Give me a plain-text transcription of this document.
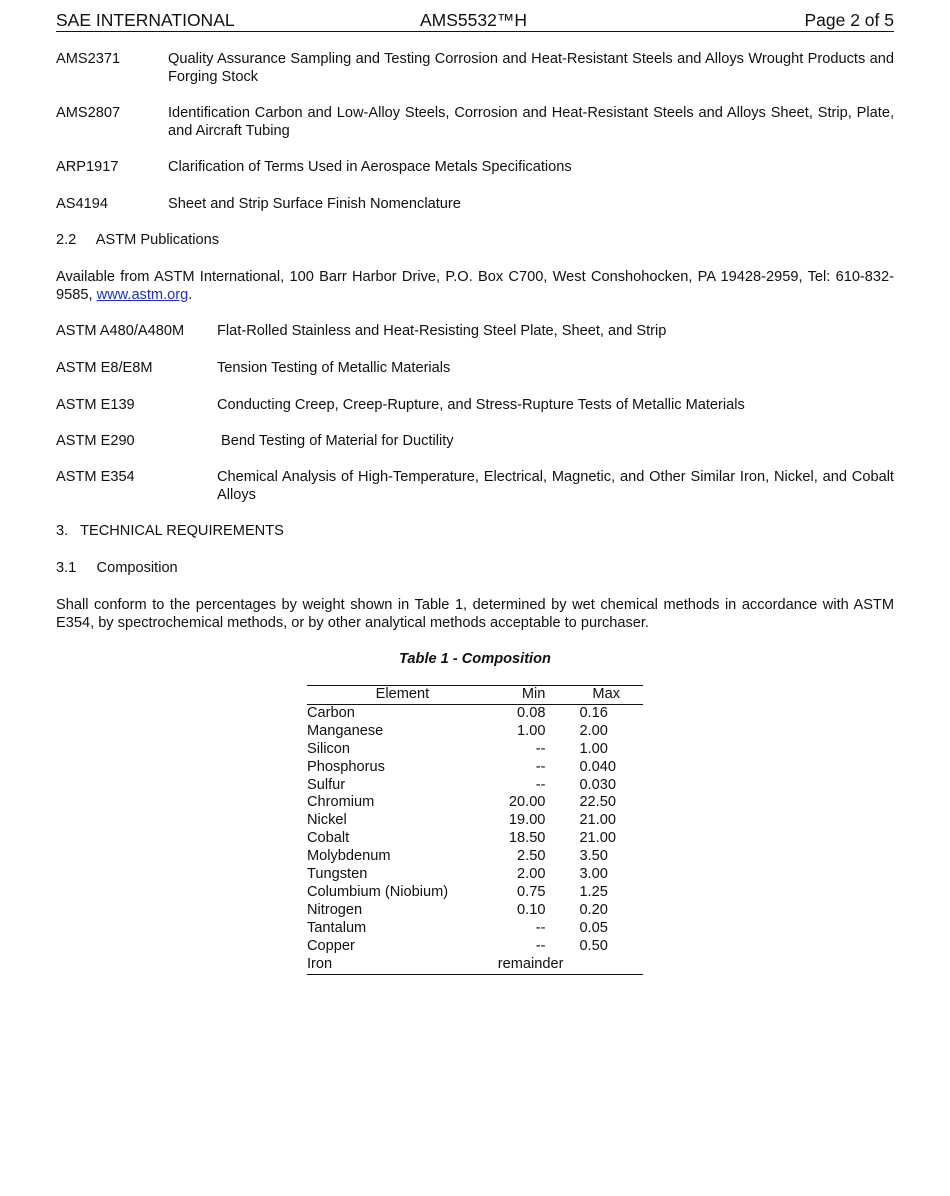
SAE INTERNATIONAL	AMS5532™H	Page 2 of 5
AMS2371	Quality Assurance Sampling and Testing Corrosion and Heat-Resistant Steels and Alloys Wrought Products and Forging Stock
AMS2807	Identification Carbon and Low-Alloy Steels, Corrosion and Heat-Resistant Steels and Alloys Sheet, Strip, Plate, and Aircraft Tubing
ARP1917	Clarification of Terms Used in Aerospace Metals Specifications
AS4194	Sheet and Strip Surface Finish Nomenclature
2.2     ASTM Publications
Available from ASTM International, 100 Barr Harbor Drive, P.O. Box C700, West Conshohocken, PA 19428-2959, Tel: 610-832-9585, www.astm.org.
ASTM A480/A480M Flat-Rolled Stainless and Heat-Resisting Steel Plate, Sheet, and Strip
ASTM E8/E8M	Tension Testing of Metallic Materials
ASTM E139	Conducting Creep, Creep-Rupture, and Stress-Rupture Tests of Metallic Materials
ASTM E290	Bend Testing of Material for Ductility
ASTM E354	Chemical Analysis of High-Temperature, Electrical, Magnetic, and Other Similar Iron, Nickel, and Cobalt Alloys
3.   TECHNICAL REQUIREMENTS
3.1     Composition
Shall conform to the percentages by weight shown in Table 1, determined by wet chemical methods in accordance with ASTM E354, by spectrochemical methods, or by other analytical methods acceptable to purchaser.
Table 1 - Composition
Element	Min	Max
Carbon	0.08	0.16
Manganese	1.00	2.00
Silicon	--	1.00
Phosphorus	--	0.040
Sulfur	--	0.030
Chromium	20.00	22.50
Nickel	19.00	21.00
Cobalt	18.50	21.00
Molybdenum	2.50	3.50
Tungsten	2.00	3.00
Columbium (Niobium)	0.75	1.25
Nitrogen	0.10	0.20
Tantalum	--	0.05
Copper	--	0.50
Iron	remainder	
